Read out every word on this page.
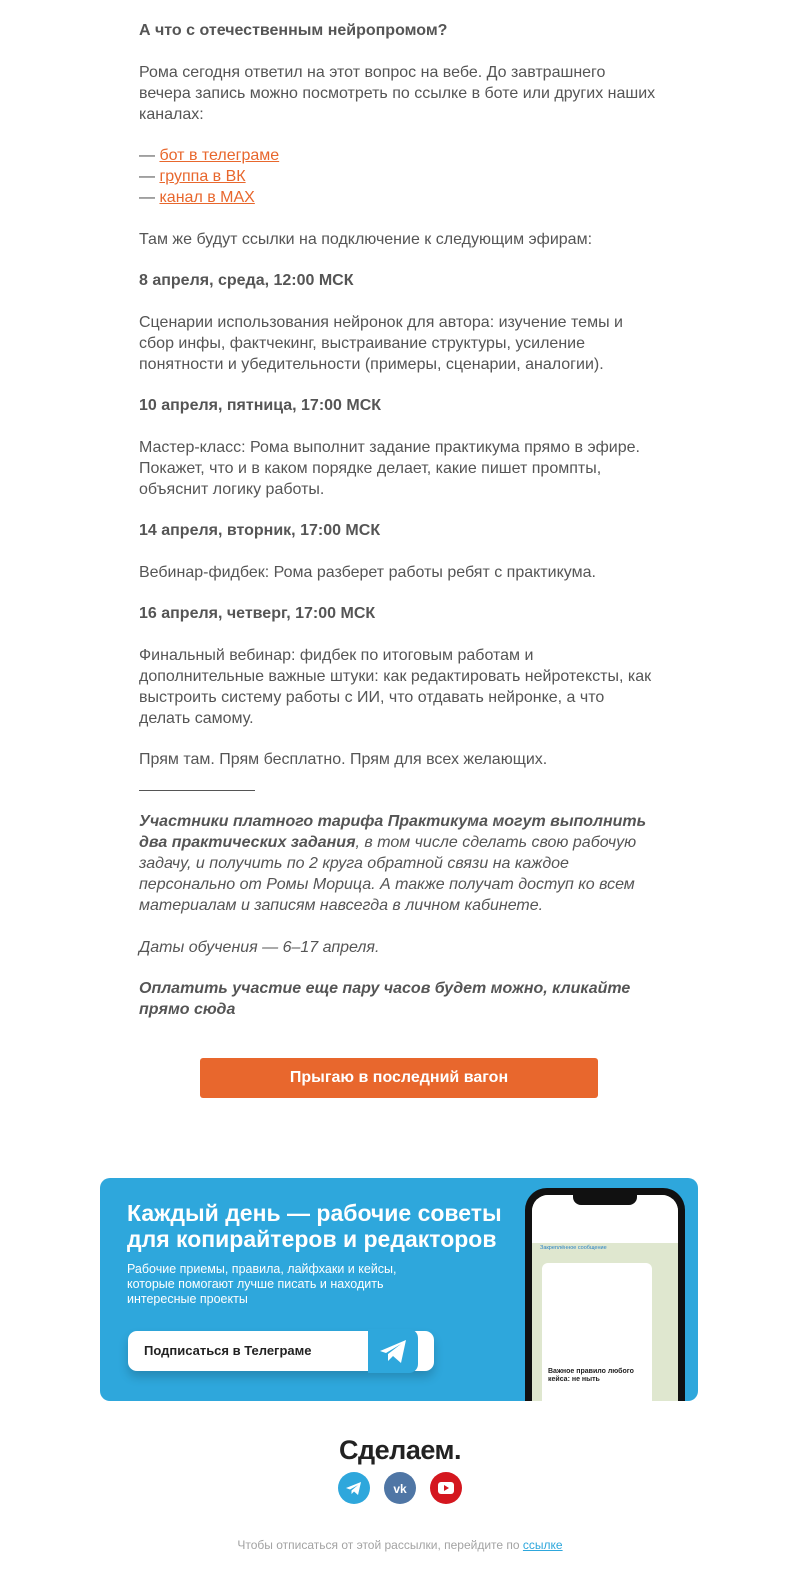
А что с отечественным нейропромом?

Рома сегодня ответил на этот вопрос на вебе. До завтрашнего вечера запись можно посмотреть по ссылке в боте или других наших каналах:

— бот в телеграме
— группа в ВК
— канал в MAX

Там же будут ссылки на подключение к следующим эфирам:

8 апреля, среда, 12:00 МСК

Сценарии использования нейронок для автора: изучение темы и сбор инфы, фактчекинг, выстраивание структуры, усиление понятности и убедительности (примеры, сценарии, аналогии).

10 апреля, пятница, 17:00 МСК

Мастер-класс: Рома выполнит задание практикума прямо в эфире. Покажет, что и в каком порядке делает, какие пишет промпты, объяснит логику работы.

14 апреля, вторник, 17:00 МСК

Вебинар-фидбек: Рома разберет работы ребят с практикума.

16 апреля, четверг, 17:00 МСК

Финальный вебинар: фидбек по итоговым работам и дополнительные важные штуки: как редактировать нейротексты, как выстроить систему работы с ИИ, что отдавать нейронке, а что делать самому.

Прям там. Прям бесплатно. Прям для всех желающих.

Участники платного тарифа Практикума могут выполнить два практических задания, в том числе сделать свою рабочую задачу, и получить по 2 круга обратной связи на каждое персонально от Ромы Морица. А также получат доступ ко всем материалам и записям навсегда в личном кабинете.

Даты обучения — 6–17 апреля.

Оплатить участие еще пару часов будет можно, кликайте прямо сюда

Прыгаю в последний вагон
Каждый день — рабочие советы для копирайтеров и редакторов
Рабочие приемы, правила, лайфхаки и кейсы, которые помогают лучше писать и находить интересные проекты
Подписаться в Телеграме
Закреплённое сообщение
Важное правило любого кейса: не ныть
Сделаем.
vk
Чтобы отписаться от этой рассылки, перейдите по ссылке
